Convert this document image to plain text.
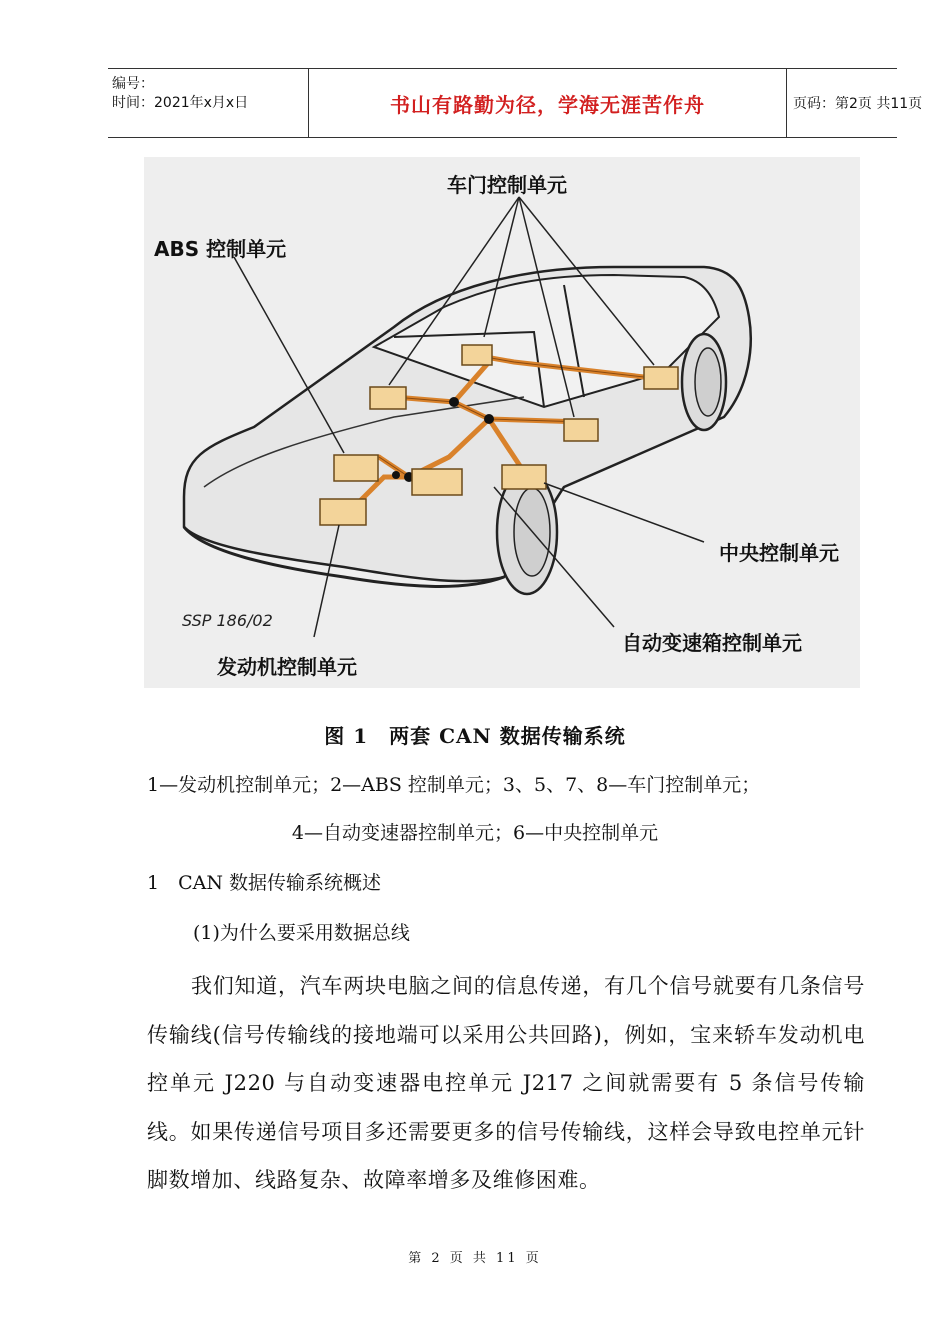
编号：
时间：2021年x月x日	书山有路勤为径，学海无涯苦作舟	页码：第2页 共11页
车门控制单元
ABS 控制单元
中央控制单元
自动变速箱控制单元
发动机控制单元
SSP 186/02
图 1　两套 CAN 数据传输系统
1—发动机控制单元；2—ABS 控制单元；3、5、7、8—车门控制单元；
4—自动变速器控制单元；6—中央控制单元
1　CAN 数据传输系统概述
(1)为什么要采用数据总线
我们知道，汽车两块电脑之间的信息传递，有几个信号就要有几条信号传输线(信号传输线的接地端可以采用公共回路)，例如，宝来轿车发动机电控单元 J220 与自动变速器电控单元 J217 之间就需要有 5 条信号传输线。如果传递信号项目多还需要更多的信号传输线，这样会导致电控单元针脚数增加、线路复杂、故障率增多及维修困难。
第 2 页 共 11 页
